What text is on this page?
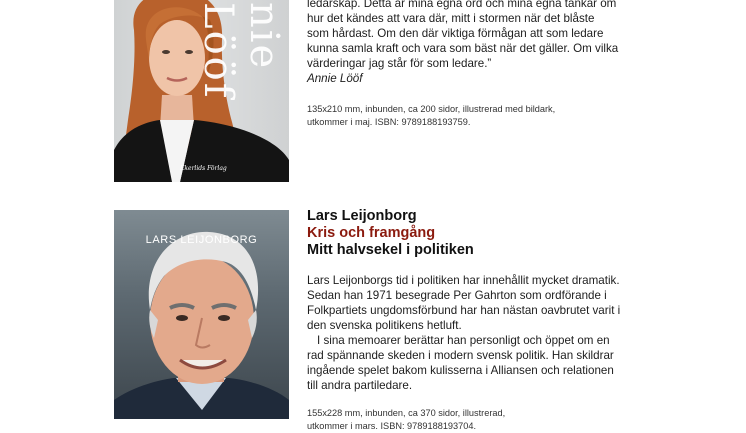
nie Lööf
Ekerlids Förlag

ledarskap. Detta är mina egna ord och mina egna tankar om

hur det kändes att vara där, mitt i stormen när det blåste

som hårdast. Om den där viktiga förmågan att som ledare

kunna samla kraft och vara som bäst när det gäller. Om vilka

värderingar jag står för som ledare.”

Annie Lööf

135x210 mm, inbunden, ca 200 sidor, illustrerad med bildark,

utkommer i maj. ISBN: 9789188193759.

LARS LEIJONBORG
Lars Leijonborg
Kris och framgång
Mitt halvsekel i politiken

Lars Leijonborgs tid i politiken har innehållit mycket dramatik.

Sedan han 1971 besegrade Per Gahrton som ordförande i

Folkpartiets ungdomsförbund har han nästan oavbrutet varit i

den svenska politikens hetluft.

I sina memoarer berättar han personligt och öppet om en

rad spännande skeden i modern svensk politik. Han skildrar

ingående spelet bakom kulisserna i Alliansen och relationen

till andra partiledare.

155x228 mm, inbunden, ca 370 sidor, illustrerad,

utkommer i mars. ISBN: 9789188193704.
